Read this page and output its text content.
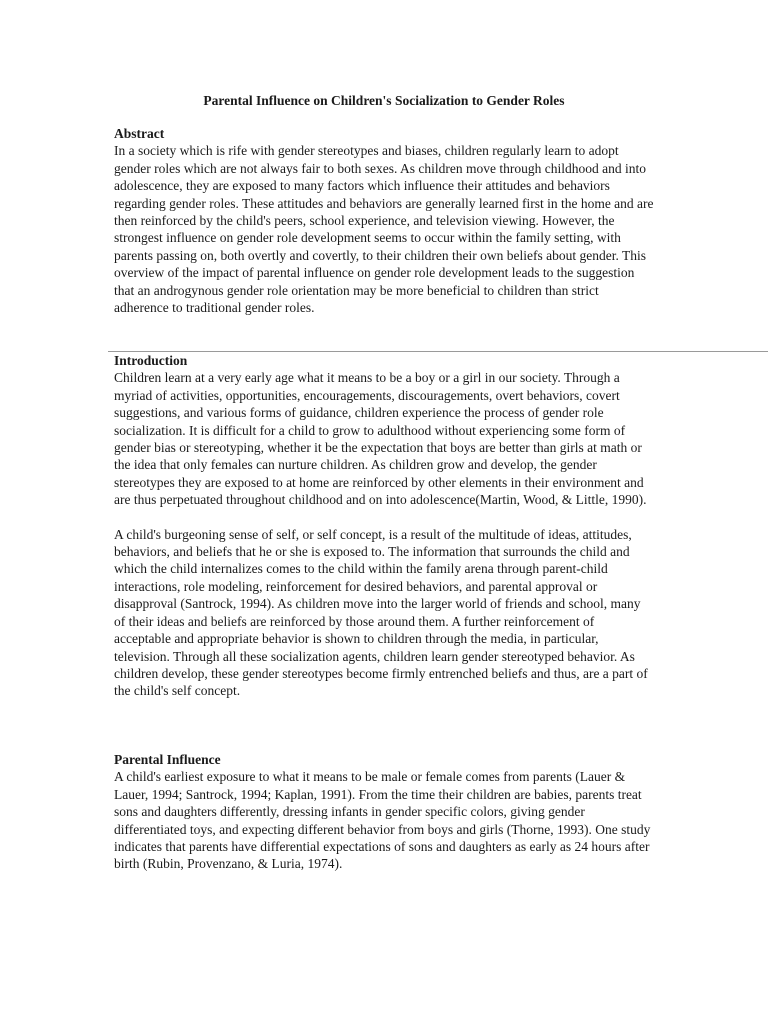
Parental Influence on Children's Socialization to Gender Roles

Abstract

In a society which is rife with gender stereotypes and biases, children regularly learn to adopt gender roles which are not always fair to both sexes. As children move through childhood and into adolescence, they are exposed to many factors which influence their attitudes and behaviors regarding gender roles. These attitudes and behaviors are generally learned first in the home and are then reinforced by the child's peers, school experience, and television viewing. However, the strongest influence on gender role development seems to occur within the family setting, with parents passing on, both overtly and covertly, to their children their own beliefs about gender. This overview of the impact of parental influence on gender role development leads to the suggestion that an androgynous gender role orientation may be more beneficial to children than strict adherence to traditional gender roles.

Introduction

Children learn at a very early age what it means to be a boy or a girl in our society. Through a myriad of activities, opportunities, encouragements, discouragements, overt behaviors, covert suggestions, and various forms of guidance, children experience the process of gender role socialization. It is difficult for a child to grow to adulthood without experiencing some form of gender bias or stereotyping, whether it be the expectation that boys are better than girls at math or the idea that only females can nurture children. As children grow and develop, the gender stereotypes they are exposed to at home are reinforced by other elements in their environment and are thus perpetuated throughout childhood and on into adolescence(Martin, Wood, & Little, 1990).

A child's burgeoning sense of self, or self concept, is a result of the multitude of ideas, attitudes, behaviors, and beliefs that he or she is exposed to. The information that surrounds the child and which the child internalizes comes to the child within the family arena through parent-child interactions, role modeling, reinforcement for desired behaviors, and parental approval or disapproval (Santrock, 1994). As children move into the larger world of friends and school, many of their ideas and beliefs are reinforced by those around them. A further reinforcement of acceptable and appropriate behavior is shown to children through the media, in particular, television. Through all these socialization agents, children learn gender stereotyped behavior. As children develop, these gender stereotypes become firmly entrenched beliefs and thus, are a part of the child's self concept.

Parental Influence

A child's earliest exposure to what it means to be male or female comes from parents (Lauer & Lauer, 1994; Santrock, 1994; Kaplan, 1991). From the time their children are babies, parents treat sons and daughters differently, dressing infants in gender specific colors, giving gender differentiated toys, and expecting different behavior from boys and girls (Thorne, 1993). One study indicates that parents have differential expectations of sons and daughters as early as 24 hours after birth (Rubin, Provenzano, & Luria, 1974).
